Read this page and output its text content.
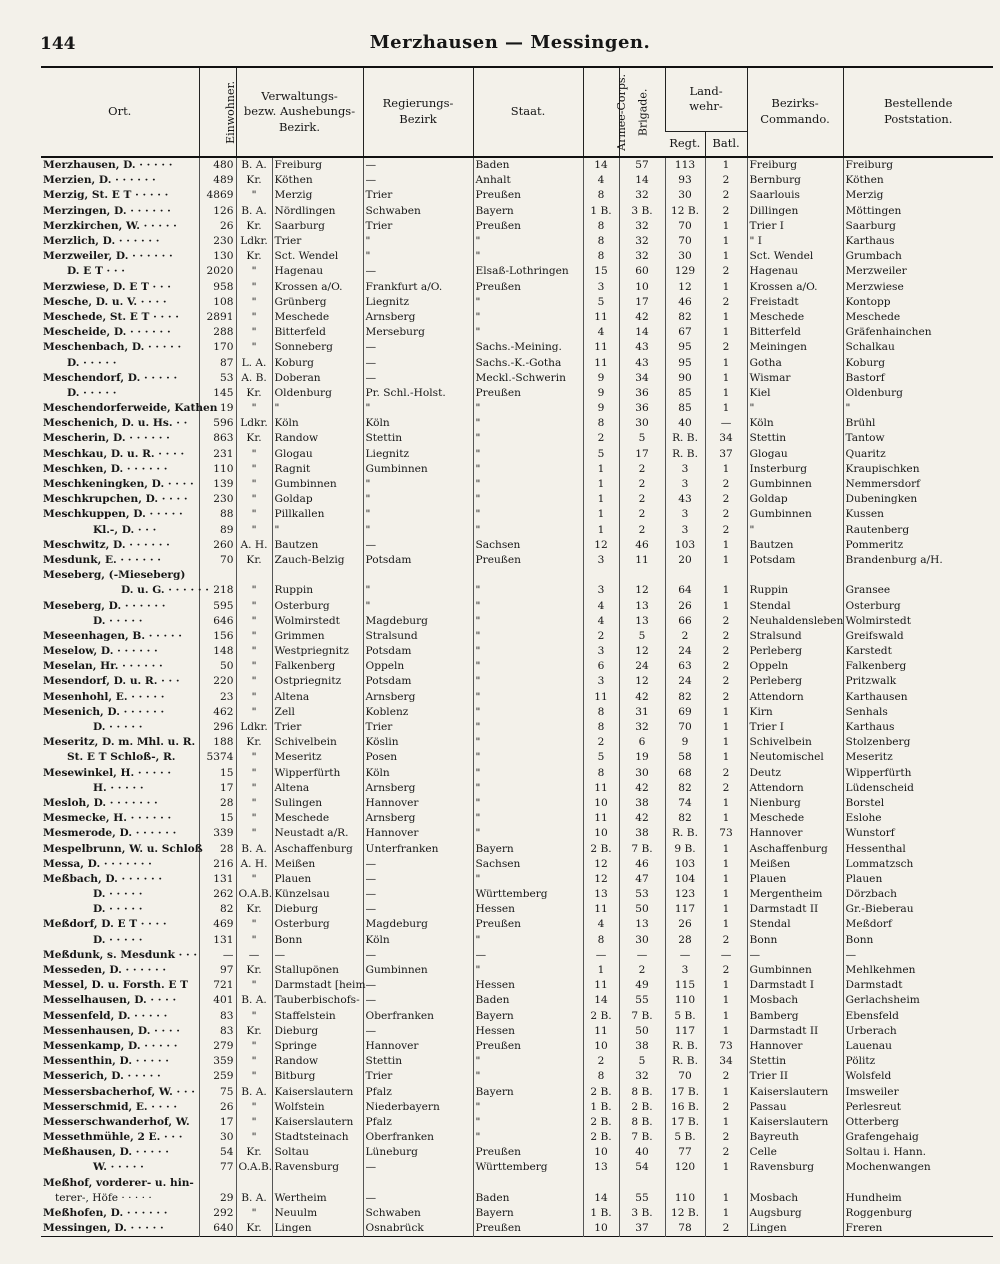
144	Merzhausen — Messingen.
Ort.	Einwohner.	Verwaltungs-
bezw. Aushebungs-
Bezirk.		Regierungs-
Bezirk	Staat.	Armee-Corps.	Brigade.	Land-
wehr-		Bezirks-
Commando.	Bestellende
Poststation.
								Regt.	Batl.		
Merzhausen, D. · · · · ·	480	B. A.	Freiburg	—	Baden	14	57	113	1	Freiburg	Freiburg
Merzien, D. · · · · · ·	489	Kr.	Köthen	—	Anhalt	4	14	93	2	Bernburg	Köthen
Merzig, St. E T · · · · ·	4869	"	Merzig	Trier	Preußen	8	32	30	2	Saarlouis	Merzig
Merzingen, D. · · · · · ·	126	B. A.	Nördlingen	Schwaben	Bayern	1 B.	3 B.	12 B.	2	Dillingen	Möttingen
Merzkirchen, W. · · · · ·	26	Kr.	Saarburg	Trier	Preußen	8	32	70	1	Trier I	Saarburg
Merzlich, D. · · · · · ·	230	Ldkr.	Trier	"	"	8	32	70	1	" I	Karthaus
Merzweiler, D. · · · · · ·	130	Kr.	Sct. Wendel	"	"	8	32	30	1	Sct. Wendel	Grumbach
D. E T · · ·	2020	"	Hagenau	—	Elsaß-Lothringen	15	60	129	2	Hagenau	Merzweiler
Merzwiese, D. E T · · ·	958	"	Krossen a/O.	Frankfurt a/O.	Preußen	3	10	12	1	Krossen a/O.	Merzwiese
Mesche, D. u. V. · · · ·	108	"	Grünberg	Liegnitz	"	5	17	46	2	Freistadt	Kontopp
Meschede, St. E T · · · ·	2891	"	Meschede	Arnsberg	"	11	42	82	1	Meschede	Meschede
Mescheide, D. · · · · · ·	288	"	Bitterfeld	Merseburg	"	4	14	67	1	Bitterfeld	Gräfenhainchen
Meschenbach, D. · · · · ·	170	"	Sonneberg	—	Sachs.-Meining.	11	43	95	2	Meiningen	Schalkau
D. · · · · ·	87	L. A.	Koburg	—	Sachs.-K.-Gotha	11	43	95	1	Gotha	Koburg
Meschendorf, D. · · · · ·	53	A. B.	Doberan	—	Meckl.-Schwerin	9	34	90	1	Wismar	Bastorf
D. · · · · ·	145	Kr.	Oldenburg	Pr. Schl.-Holst.	Preußen	9	36	85	1	Kiel	Oldenburg
Meschendorferweide, Kathen	19	"	"	"	"	9	36	85	1	"	"
Meschenich, D. u. Hs. · ·	596	Ldkr.	Köln	Köln	"	8	30	40	—	Köln	Brühl
Mescherin, D. · · · · · ·	863	Kr.	Randow	Stettin	"	2	5	R. B.	34	Stettin	Tantow
Meschkau, D. u. R. · · · ·	231	"	Glogau	Liegnitz	"	5	17	R. B.	37	Glogau	Quaritz
Meschken, D. · · · · · ·	110	"	Ragnit	Gumbinnen	"	1	2	3	1	Insterburg	Kraupischken
Meschkeningken, D. · · · ·	139	"	Gumbinnen	"	"	1	2	3	2	Gumbinnen	Nemmersdorf
Meschkrupchen, D. · · · ·	230	"	Goldap	"	"	1	2	43	2	Goldap	Dubeningken
Meschkuppen, D. · · · · ·	88	"	Pillkallen	"	"	1	2	3	2	Gumbinnen	Kussen
Kl.-, D. · · ·	89	"	"	"	"	1	2	3	2	"	Rautenberg
Meschwitz, D. · · · · · ·	260	A. H.	Bautzen	—	Sachsen	12	46	103	1	Bautzen	Pommeritz
Mesdunk, E. · · · · · ·	70	Kr.	Zauch-Belzig	Potsdam	Preußen	3	11	20	1	Potsdam	Brandenburg a/H.
Meseberg, (-Mieseberg)											
D. u. G. · · · · · ·	218	"	Ruppin	"	"	3	12	64	1	Ruppin	Gransee
Meseberg, D. · · · · · ·	595	"	Osterburg	"	"	4	13	26	1	Stendal	Osterburg
D. · · · · ·	646	"	Wolmirstedt	Magdeburg	"	4	13	66	2	Neuhaldensleben	Wolmirstedt
Meseenhagen, B. · · · · ·	156	"	Grimmen	Stralsund	"	2	5	2	2	Stralsund	Greifswald
Meselow, D. · · · · · ·	148	"	Westpriegnitz	Potsdam	"	3	12	24	2	Perleberg	Karstedt
Meselan, Hr. · · · · · ·	50	"	Falkenberg	Oppeln	"	6	24	63	2	Oppeln	Falkenberg
Mesendorf, D. u. R. · · ·	220	"	Ostpriegnitz	Potsdam	"	3	12	24	2	Perleberg	Pritzwalk
Mesenhohl, E. · · · · ·	23	"	Altena	Arnsberg	"	11	42	82	2	Attendorn	Karthausen
Mesenich, D. · · · · · ·	462	"	Zell	Koblenz	"	8	31	69	1	Kirn	Senhals
D. · · · · ·	296	Ldkr.	Trier	Trier	"	8	32	70	1	Trier I	Karthaus
Meseritz, D. m. Mhl. u. R.	188	Kr.	Schivelbein	Köslin	"	2	6	9	1	Schivelbein	Stolzenberg
St. E T Schloß-, R.	5374	"	Meseritz	Posen	"	5	19	58	1	Neutomischel	Meseritz
Mesewinkel, H. · · · · ·	15	"	Wipperfürth	Köln	"	8	30	68	2	Deutz	Wipperfürth
H. · · · · ·	17	"	Altena	Arnsberg	"	11	42	82	2	Attendorn	Lüdenscheid
Mesloh, D. · · · · · · ·	28	"	Sulingen	Hannover	"	10	38	74	1	Nienburg	Borstel
Mesmecke, H. · · · · · ·	15	"	Meschede	Arnsberg	"	11	42	82	1	Meschede	Eslohe
Mesmerode, D. · · · · · ·	339	"	Neustadt a/R.	Hannover	"	10	38	R. B.	73	Hannover	Wunstorf
Mespelbrunn, W. u. Schloß	28	B. A.	Aschaffenburg	Unterfranken	Bayern	2 B.	7 B.	9 B.	1	Aschaffenburg	Hessenthal
Messa, D. · · · · · · ·	216	A. H.	Meißen	—	Sachsen	12	46	103	1	Meißen	Lommatzsch
Meßbach, D. · · · · · ·	131	"	Plauen	—	"	12	47	104	1	Plauen	Plauen
D. · · · · ·	262	O.A.B.	Künzelsau	—	Württemberg	13	53	123	1	Mergentheim	Dörzbach
D. · · · · ·	82	Kr.	Dieburg	—	Hessen	11	50	117	1	Darmstadt II	Gr.-Bieberau
Meßdorf, D. E T · · · ·	469	"	Osterburg	Magdeburg	Preußen	4	13	26	1	Stendal	Meßdorf
D. · · · · ·	131	"	Bonn	Köln	"	8	30	28	2	Bonn	Bonn
Meßdunk, s. Mesdunk · · ·	—	—	—	—	—	—	—	—	—	—	—
Messeden, D. · · · · · ·	97	Kr.	Stallupönen	Gumbinnen	"	1	2	3	2	Gumbinnen	Mehlkehmen
Messel, D. u. Forsth. E T	721	"	Darmstadt [heim	—	Hessen	11	49	115	1	Darmstadt I	Darmstadt
Messelhausen, D. · · · ·	401	B. A.	Tauberbischofs-	—	Baden	14	55	110	1	Mosbach	Gerlachsheim
Messenfeld, D. · · · · ·	83	"	Staffelstein	Oberfranken	Bayern	2 B.	7 B.	5 B.	1	Bamberg	Ebensfeld
Messenhausen, D. · · · ·	83	Kr.	Dieburg	—	Hessen	11	50	117	1	Darmstadt II	Urberach
Messenkamp, D. · · · · ·	279	"	Springe	Hannover	Preußen	10	38	R. B.	73	Hannover	Lauenau
Messenthin, D. · · · · ·	359	"	Randow	Stettin	"	2	5	R. B.	34	Stettin	Pölitz
Messerich, D. · · · · ·	259	"	Bitburg	Trier	"	8	32	70	2	Trier II	Wolsfeld
Messersbacherhof, W. · · ·	75	B. A.	Kaiserslautern	Pfalz	Bayern	2 B.	8 B.	17 B.	1	Kaiserslautern	Imsweiler
Messerschmid, E. · · · ·	26	"	Wolfstein	Niederbayern	"	1 B.	2 B.	16 B.	2	Passau	Perlesreut
Messerschwanderhof, W.	17	"	Kaiserslautern	Pfalz	"	2 B.	8 B.	17 B.	1	Kaiserslautern	Otterberg
Messethmühle, 2 E. · · ·	30	"	Stadtsteinach	Oberfranken	"	2 B.	7 B.	5 B.	2	Bayreuth	Grafengehaig
Meßhausen, D. · · · · ·	54	Kr.	Soltau	Lüneburg	Preußen	10	40	77	2	Celle	Soltau i. Hann.
W. · · · · ·	77	O.A.B.	Ravensburg	—	Württemberg	13	54	120	1	Ravensburg	Mochenwangen
Meßhof, vorderer- u. hin-											
terer-, Höfe · · · · ·	29	B. A.	Wertheim	—	Baden	14	55	110	1	Mosbach	Hundheim
Meßhofen, D. · · · · · ·	292	"	Neuulm	Schwaben	Bayern	1 B.	3 B.	12 B.	1	Augsburg	Roggenburg
Messingen, D. · · · · ·	640	Kr.	Lingen	Osnabrück	Preußen	10	37	78	2	Lingen	Freren
